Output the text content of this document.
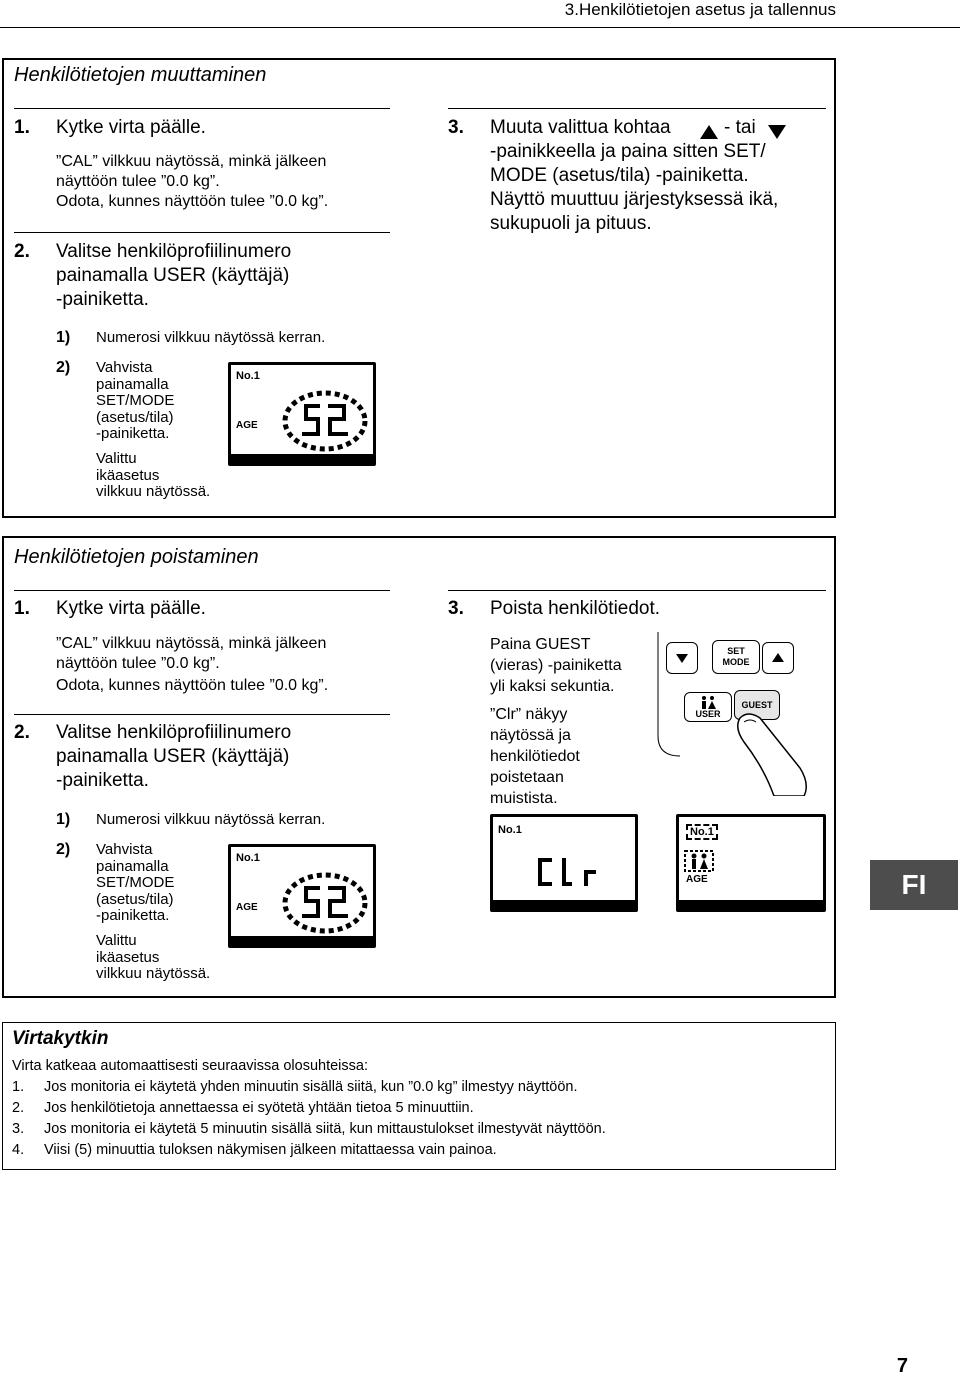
3.Henkilötietojen asetus ja tallennus
Henkilötietojen muuttaminen
1. Kytke virta päälle.
”CAL” vilkkuu näytössä, minkä jälkeen
näyttöön tulee ”0.0 kg”.
Odota, kunnes näyttöön tulee ”0.0 kg”.
2. Valitse henkilöprofiilinumero
painamalla USER (käyttäjä)
-painiketta.
1) Numerosi vilkkuu näytössä kerran.
2) Vahvista
painamalla
SET/MODE
(asetus/tila)
-painiketta.
Valittu
ikäasetus
vilkkuu näytössä.
No.1
AGE
3. Muuta valittua kohtaa	- tai
-painikkeella ja paina sitten SET/
MODE (asetus/tila) -painiketta.
Näyttö muuttuu järjestyksessä ikä,
sukupuoli ja pituus.
Henkilötietojen poistaminen
1. Kytke virta päälle.
”CAL” vilkkuu näytössä, minkä jälkeen
näyttöön tulee ”0.0 kg”.
Odota, kunnes näyttöön tulee ”0.0 kg”.
2. Valitse henkilöprofiilinumero
painamalla USER (käyttäjä)
-painiketta.
1) Numerosi vilkkuu näytössä kerran.
2) Vahvista
painamalla
SET/MODE
(asetus/tila)
-painiketta.
Valittu
ikäasetus
vilkkuu näytössä.
No.1
AGE
3. Poista henkilötiedot.
Paina GUEST
(vieras) -painiketta
yli kaksi sekuntia.
”Clr” näkyy
näytössä ja
henkilötiedot
poistetaan
muistista.
SET
MODE
USER
GUEST
No.1	No.1
AGE	FI
Virtakytkin
Virta katkeaa automaattisesti seuraavissa olosuhteissa:
1. Jos monitoria ei käytetä yhden minuutin sisällä siitä, kun ”0.0 kg” ilmestyy näyttöön.
2. Jos henkilötietoja annettaessa ei syötetä yhtään tietoa 5 minuuttiin.
3. Jos monitoria ei käytetä 5 minuutin sisällä siitä, kun mittaustulokset ilmestyvät näyttöön.
4. Viisi (5) minuuttia tuloksen näkymisen jälkeen mitattaessa vain painoa.
7
